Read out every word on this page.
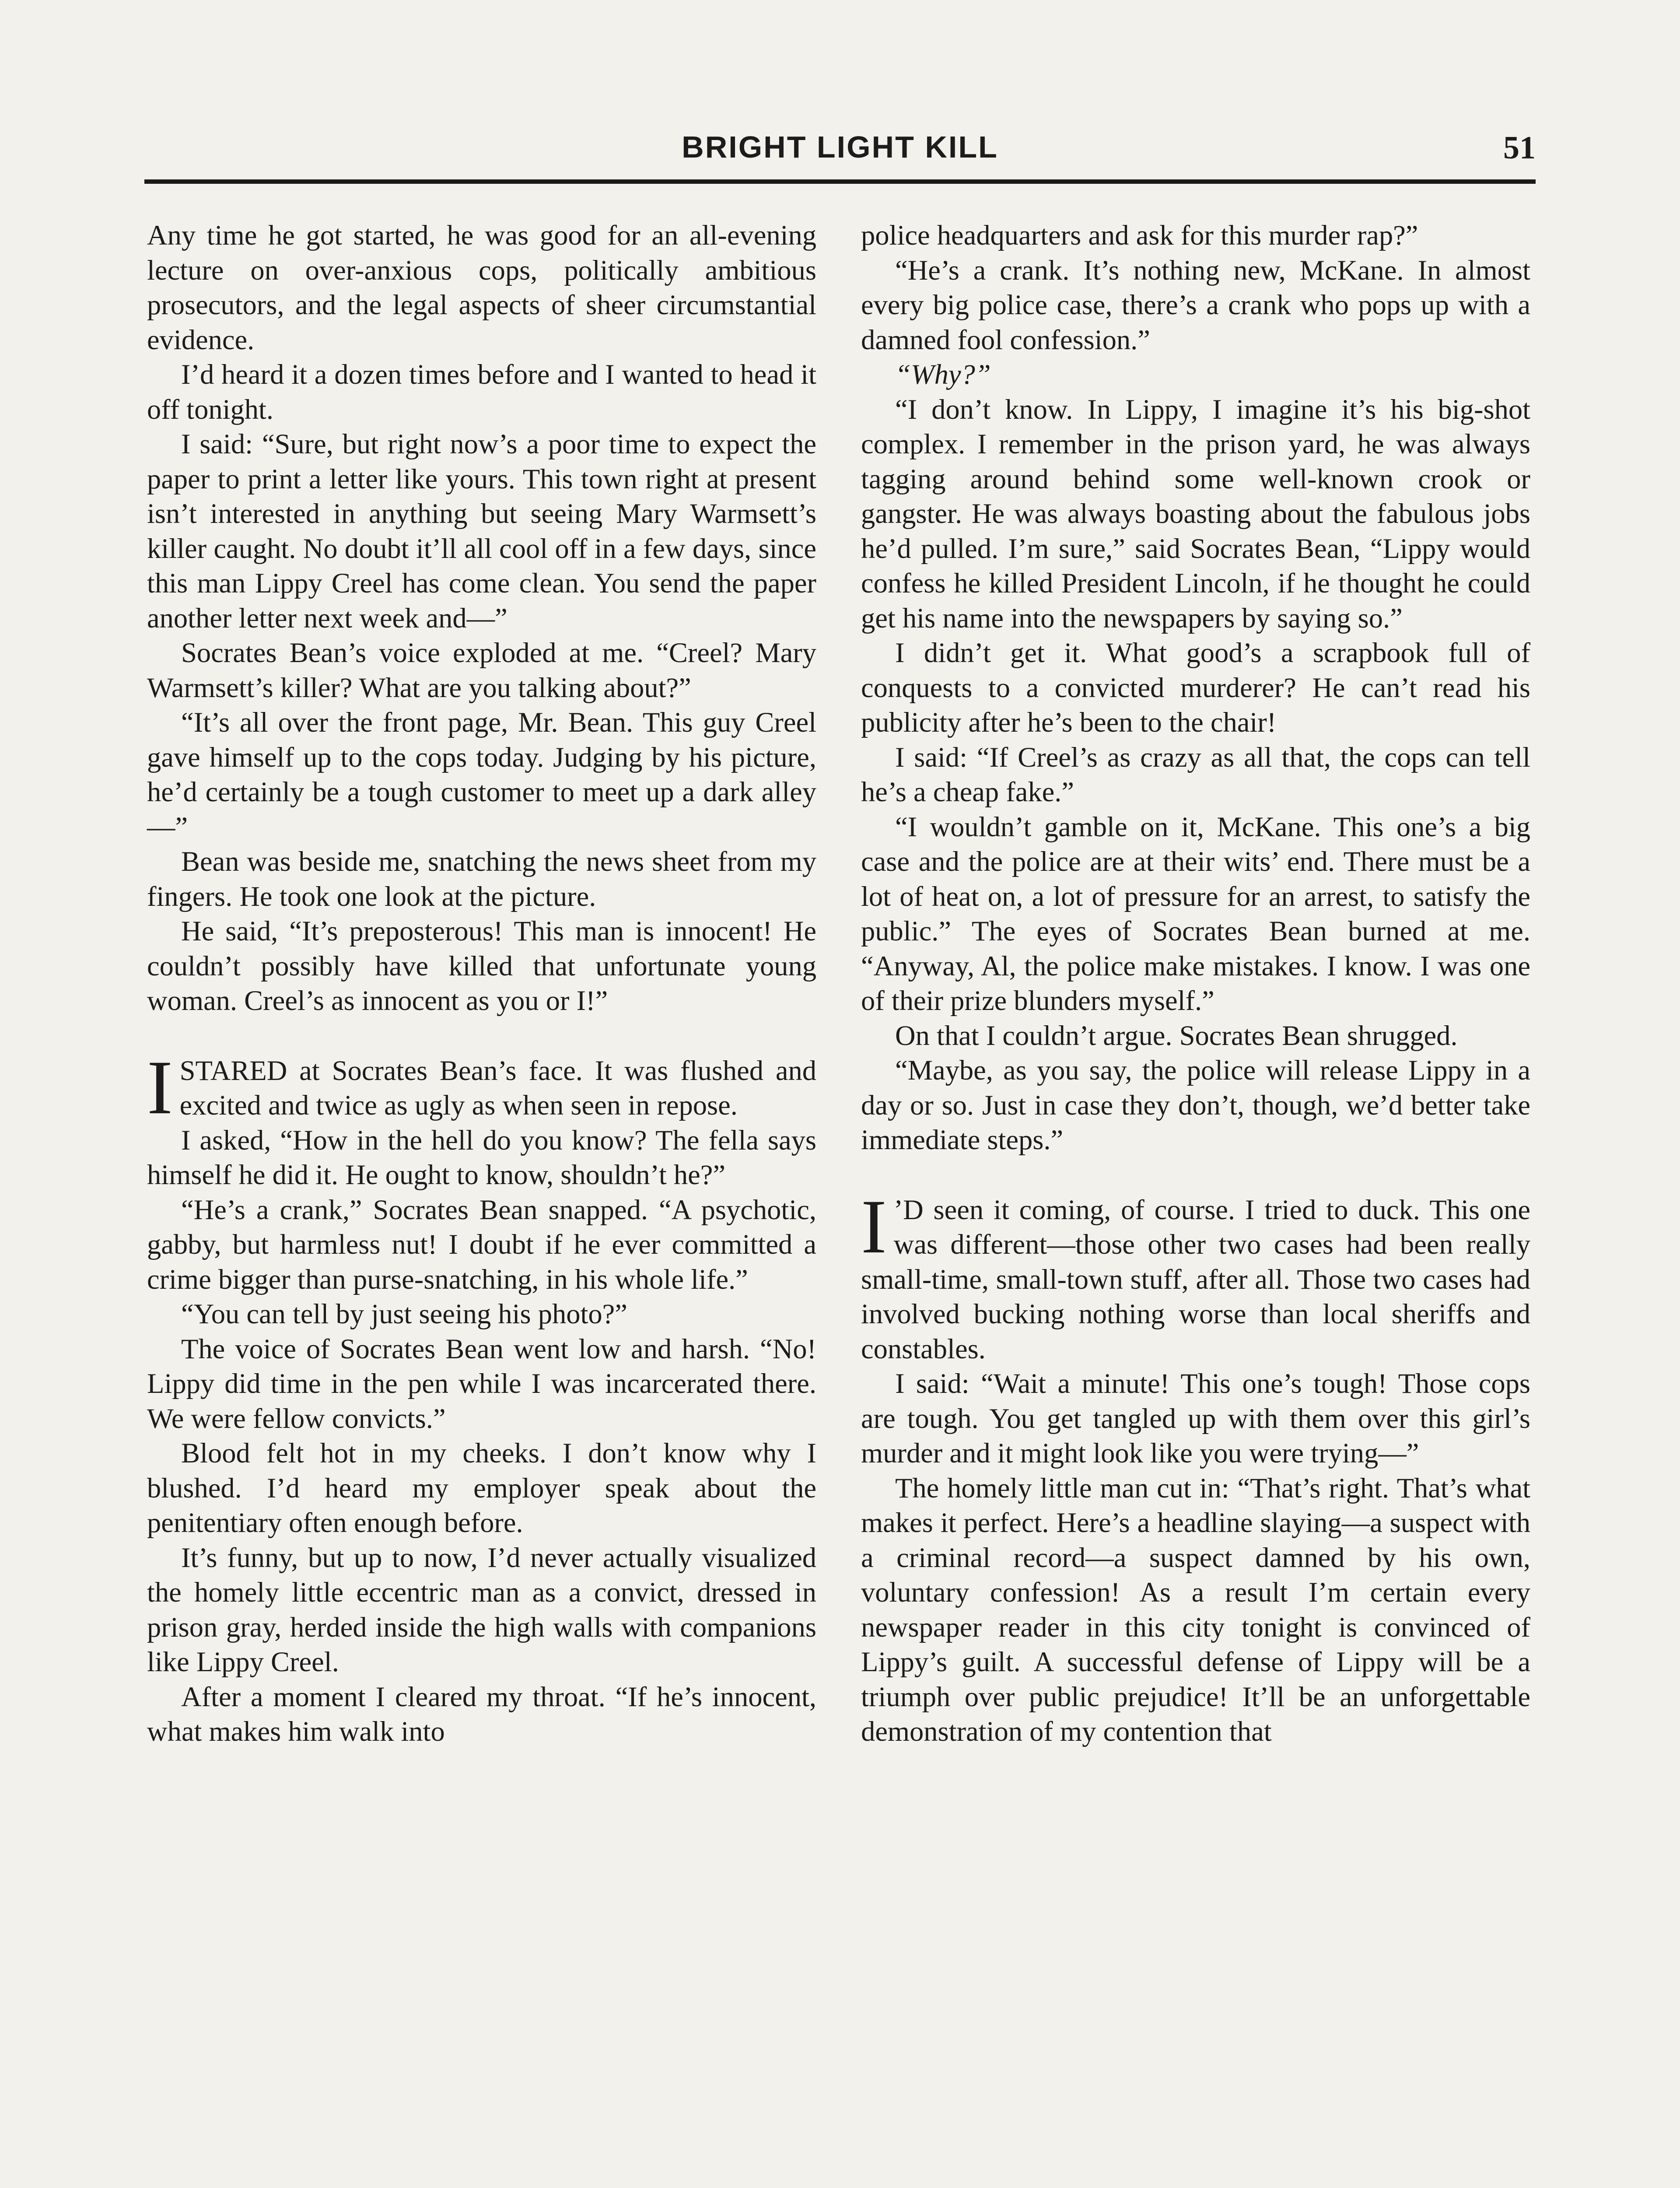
BRIGHT LIGHT KILL	51

Any time he got started, he was good for an all-evening lecture on over-anxious cops, politically ambitious prosecutors, and the legal aspects of sheer circumstantial evidence.

I’d heard it a dozen times before and I wanted to head it off tonight.

I said: “Sure, but right now’s a poor time to expect the paper to print a letter like yours. This town right at present isn’t interested in anything but seeing Mary Warmsett’s killer caught. No doubt it’ll all cool off in a few days, since this man Lippy Creel has come clean. You send the paper another letter next week and—”

Socrates Bean’s voice exploded at me. “Creel? Mary Warmsett’s killer? What are you talking about?”

“It’s all over the front page, Mr. Bean. This guy Creel gave himself up to the cops today. Judging by his picture, he’d certainly be a tough customer to meet up a dark alley—”

Bean was beside me, snatching the news sheet from my fingers. He took one look at the picture.

He said, “It’s preposterous! This man is innocent! He couldn’t possibly have killed that unfortunate young woman. Creel’s as innocent as you or I!”

ISTARED at Socrates Bean’s face. It was flushed and excited and twice as ugly as when seen in repose.

I asked, “How in the hell do you know? The fella says himself he did it. He ought to know, shouldn’t he?”

“He’s a crank,” Socrates Bean snapped. “A psychotic, gabby, but harmless nut! I doubt if he ever committed a crime bigger than purse-snatching, in his whole life.”

“You can tell by just seeing his photo?”

The voice of Socrates Bean went low and harsh. “No! Lippy did time in the pen while I was incarcerated there. We were fellow convicts.”

Blood felt hot in my cheeks. I don’t know why I blushed. I’d heard my employer speak about the penitentiary often enough before.

It’s funny, but up to now, I’d never actually visualized the homely little eccentric man as a convict, dressed in prison gray, herded inside the high walls with companions like Lippy Creel.

After a moment I cleared my throat. “If he’s innocent, what makes him walk into

police headquarters and ask for this murder rap?”

“He’s a crank. It’s nothing new, McKane. In almost every big police case, there’s a crank who pops up with a damned fool confession.”

“Why?”

“I don’t know. In Lippy, I imagine it’s his big-shot complex. I remember in the prison yard, he was always tagging around behind some well-known crook or gangster. He was always boasting about the fabulous jobs he’d pulled. I’m sure,” said Socrates Bean, “Lippy would confess he killed President Lincoln, if he thought he could get his name into the newspapers by saying so.”

I didn’t get it. What good’s a scrapbook full of conquests to a convicted murderer? He can’t read his publicity after he’s been to the chair!

I said: “If Creel’s as crazy as all that, the cops can tell he’s a cheap fake.”

“I wouldn’t gamble on it, McKane. This one’s a big case and the police are at their wits’ end. There must be a lot of heat on, a lot of pressure for an arrest, to satisfy the public.” The eyes of Socrates Bean burned at me. “Anyway, Al, the police make mistakes. I know. I was one of their prize blunders myself.”

On that I couldn’t argue. Socrates Bean shrugged.

“Maybe, as you say, the police will release Lippy in a day or so. Just in case they don’t, though, we’d better take immediate steps.”

I ’D seen it coming, of course. I tried to duck. This one was different—those other two cases had been really small-time, small-town stuff, after all. Those two cases had involved bucking nothing worse than local sheriffs and constables.

I said: “Wait a minute! This one’s tough! Those cops are tough. You get tangled up with them over this girl’s murder and it might look like you were trying—”

The homely little man cut in: “That’s right. That’s what makes it perfect. Here’s a headline slaying—a suspect with a criminal record—a suspect damned by his own, voluntary confession! As a result I’m certain every newspaper reader in this city tonight is convinced of Lippy’s guilt. A successful defense of Lippy will be a triumph over public prejudice! It’ll be an unforgettable demonstration of my contention that
